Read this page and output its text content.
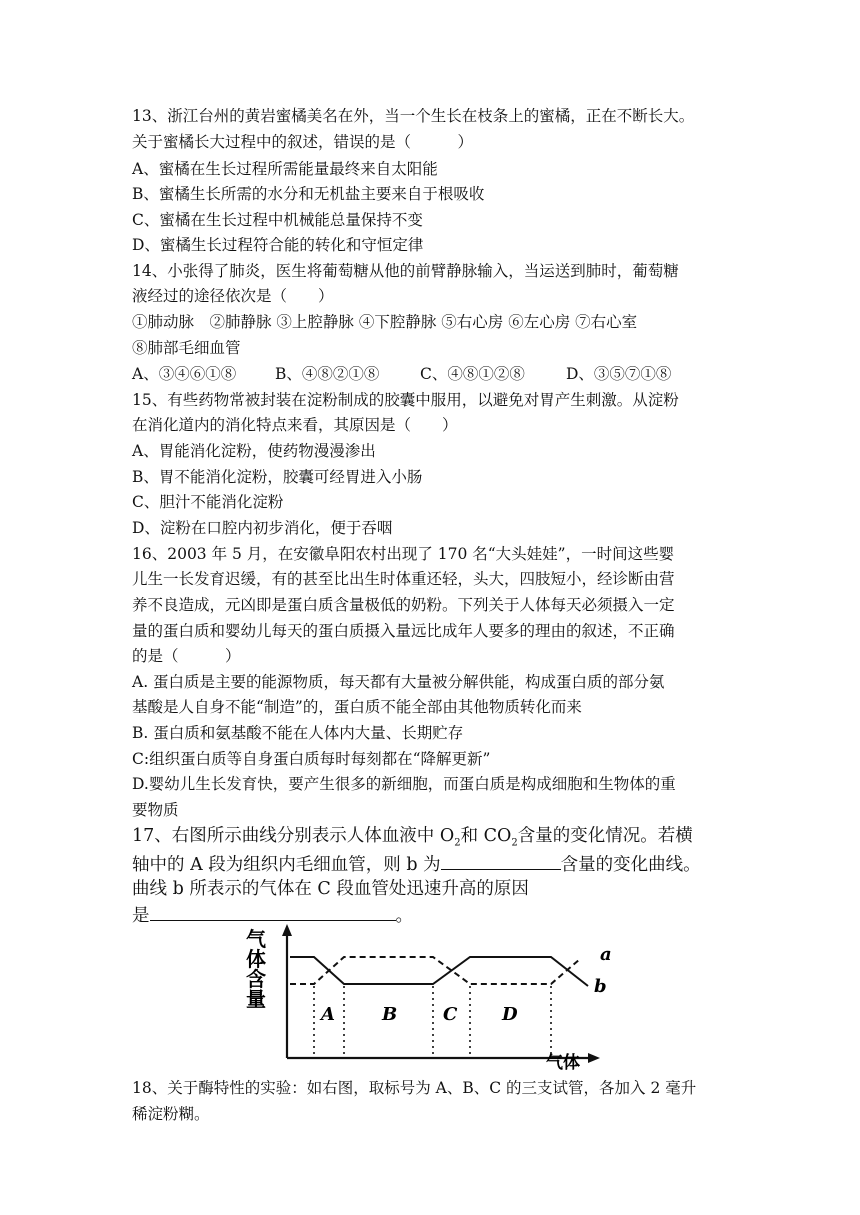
13、浙江台州的黄岩蜜橘美名在外，当一个生长在枝条上的蜜橘，正在不断长大。
关于蜜橘长大过程中的叙述，错误的是（　　　）
A、蜜橘在生长过程所需能量最终来自太阳能
B、蜜橘生长所需的水分和无机盐主要来自于根吸收
C、蜜橘在生长过程中机械能总量保持不变
D、蜜橘生长过程符合能的转化和守恒定律
14、小张得了肺炎，医生将葡萄糖从他的前臂静脉输入，当运送到肺时，葡萄糖
液经过的途径依次是（　　）
①肺动脉　②肺静脉 ③上腔静脉 ④下腔静脉 ⑤右心房 ⑥左心房 ⑦右心室
⑧肺部毛细血管
A、③④⑥①⑧	B、④⑧②①⑧	C、④⑧①②⑧	D、③⑤⑦①⑧
15、有些药物常被封装在淀粉制成的胶囊中服用，以避免对胃产生刺激。从淀粉
在消化道内的消化特点来看，其原因是（　　）
A、胃能消化淀粉，使药物漫漫渗出
B、胃不能消化淀粉，胶囊可经胃进入小肠
C、胆汁不能消化淀粉
D、淀粉在口腔内初步消化，便于吞咽
16、2003 年 5 月，在安徽阜阳农村出现了 170 名“大头娃娃”，一时间这些婴
儿生一长发育迟缓，有的甚至比出生时体重还轻，头大，四肢短小，经诊断由营
养不良造成，元凶即是蛋白质含量极低的奶粉。下列关于人体每天必须摄入一定
量的蛋白质和婴幼儿每天的蛋白质摄入量远比成年人要多的理由的叙述，不正确
的是（　　　）
A. 蛋白质是主要的能源物质，每天都有大量被分解供能，构成蛋白质的部分氨
基酸是人自身不能“制造”的，蛋白质不能全部由其他物质转化而来
B. 蛋白质和氨基酸不能在人体内大量、长期贮存
C:组织蛋白质等自身蛋白质每时每刻都在“降解更新”
D.婴幼儿生长发育快，要产生很多的新细胞，而蛋白质是构成细胞和生物体的重
要物质
17、右图所示曲线分别表示人体血液中 $O_2$和 $CO_2$含量的变化情况。若横
轴中的 A 段为组织内毛细血管，则 b 为	含量的变化曲线。
曲线 b 所表示的气体在 C 段血管处迅速升高的原因
是	。
气
体
含
量
气体
a
b
A	B	C D
18、关于酶特性的实验：如右图，取标号为 A、B、C 的三支试管，各加入 2 毫升
稀淀粉糊。
